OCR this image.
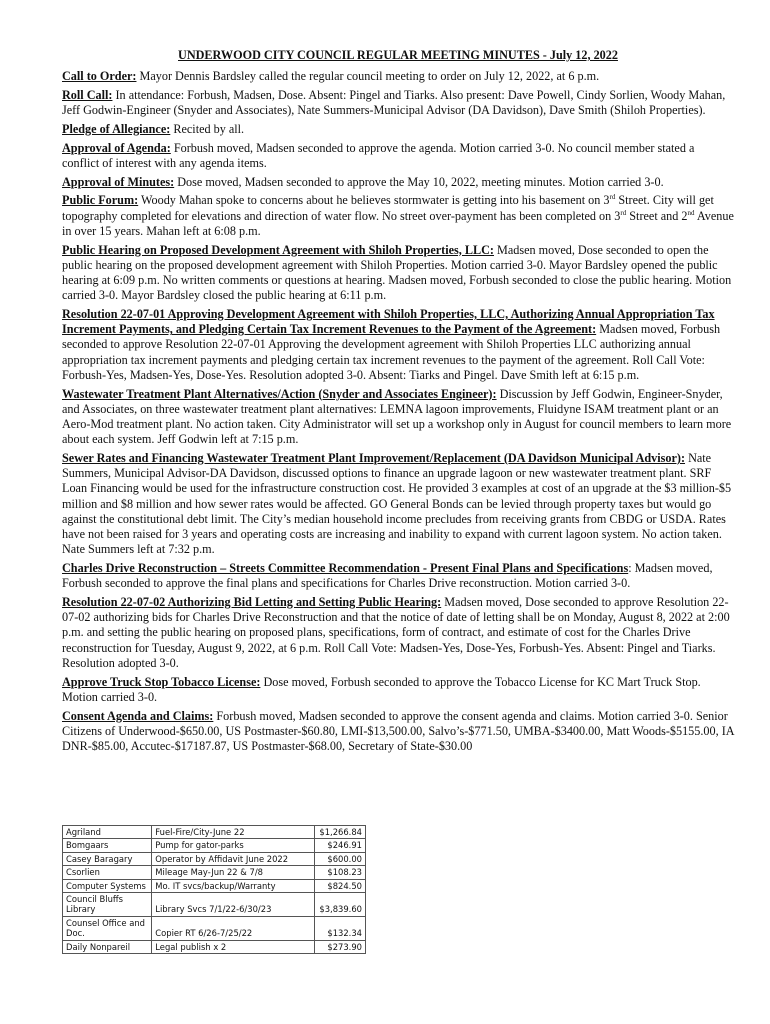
UNDERWOOD CITY COUNCIL REGULAR MEETING MINUTES - July 12, 2022

Call to Order: Mayor Dennis Bardsley called the regular council meeting to order on July 12, 2022, at 6 p.m.

Roll Call: In attendance: Forbush, Madsen, Dose. Absent: Pingel and Tiarks. Also present: Dave Powell, Cindy Sorlien, Woody Mahan, Jeff Godwin-Engineer (Snyder and Associates), Nate Summers-Municipal Advisor (DA Davidson), Dave Smith (Shiloh Properties).

Pledge of Allegiance: Recited by all.

Approval of Agenda: Forbush moved, Madsen seconded to approve the agenda. Motion carried 3-0. No council member stated a conflict of interest with any agenda items.

Approval of Minutes: Dose moved, Madsen seconded to approve the May 10, 2022, meeting minutes. Motion carried 3-0.

Public Forum: Woody Mahan spoke to concerns about he believes stormwater is getting into his basement on 3rd Street. City will get topography completed for elevations and direction of water flow. No street over-payment has been completed on 3rd Street and 2nd Avenue in over 15 years. Mahan left at 6:08 p.m.

Public Hearing on Proposed Development Agreement with Shiloh Properties, LLC: Madsen moved, Dose seconded to open the public hearing on the proposed development agreement with Shiloh Properties. Motion carried 3-0. Mayor Bardsley opened the public hearing at 6:09 p.m. No written comments or questions at hearing. Madsen moved, Forbush seconded to close the public hearing. Motion carried 3-0. Mayor Bardsley closed the public hearing at 6:11 p.m.

Resolution 22-07-01 Approving Development Agreement with Shiloh Properties, LLC, Authorizing Annual Appropriation Tax Increment Payments, and Pledging Certain Tax Increment Revenues to the Payment of the Agreement: Madsen moved, Forbush seconded to approve Resolution 22-07-01 Approving the development agreement with Shiloh Properties LLC authorizing annual appropriation tax increment payments and pledging certain tax increment revenues to the payment of the agreement. Roll Call Vote: Forbush-Yes, Madsen-Yes, Dose-Yes. Resolution adopted 3-0. Absent: Tiarks and Pingel. Dave Smith left at 6:15 p.m.

Wastewater Treatment Plant Alternatives/Action (Snyder and Associates Engineer): Discussion by Jeff Godwin, Engineer-Snyder, and Associates, on three wastewater treatment plant alternatives: LEMNA lagoon improvements, Fluidyne ISAM treatment plant or an Aero-Mod treatment plant. No action taken. City Administrator will set up a workshop only in August for council members to learn more about each system. Jeff Godwin left at 7:15 p.m.

Sewer Rates and Financing Wastewater Treatment Plant Improvement/Replacement (DA Davidson Municipal Advisor): Nate Summers, Municipal Advisor-DA Davidson, discussed options to finance an upgrade lagoon or new wastewater treatment plant. SRF Loan Financing would be used for the infrastructure construction cost. He provided 3 examples at cost of an upgrade at the $3 million-$5 million and $8 million and how sewer rates would be affected. GO General Bonds can be levied through property taxes but would go against the constitutional debt limit. The City’s median household income precludes from receiving grants from CBDG or USDA. Rates have not been raised for 3 years and operating costs are increasing and inability to expand with current lagoon system. No action taken. Nate Summers left at 7:32 p.m.

Charles Drive Reconstruction – Streets Committee Recommendation - Present Final Plans and Specifications: Madsen moved, Forbush seconded to approve the final plans and specifications for Charles Drive reconstruction. Motion carried 3-0.

Resolution 22-07-02 Authorizing Bid Letting and Setting Public Hearing: Madsen moved, Dose seconded to approve Resolution 22-07-02 authorizing bids for Charles Drive Reconstruction and that the notice of date of letting shall be on Monday, August 8, 2022 at 2:00 p.m. and setting the public hearing on proposed plans, specifications, form of contract, and estimate of cost for the Charles Drive reconstruction for Tuesday, August 9, 2022, at 6 p.m. Roll Call Vote: Madsen-Yes, Dose-Yes, Forbush-Yes. Absent: Pingel and Tiarks. Resolution adopted 3-0.

Approve Truck Stop Tobacco License: Dose moved, Forbush seconded to approve the Tobacco License for KC Mart Truck Stop. Motion carried 3-0.

Consent Agenda and Claims: Forbush moved, Madsen seconded to approve the consent agenda and claims. Motion carried 3-0. Senior Citizens of Underwood-$650.00, US Postmaster-$60.80, LMI-$13,500.00, Salvo’s-$771.50, UMBA-$3400.00, Matt Woods-$5155.00, IA DNR-$85.00, Accutec-$17187.87, US Postmaster-$68.00, Secretary of State-$30.00

Agriland	Fuel-Fire/City-June 22	$1,266.84
Bomgaars	Pump for gator-parks	$246.91
Casey Baragary	Operator by Affidavit June 2022	$600.00
Csorlien	Mileage May-Jun 22 & 7/8	$108.23
Computer Systems	Mo. IT svcs/backup/Warranty	$824.50
Council Bluffs Library	Library Svcs 7/1/22-6/30/23	$3,839.60
Counsel Office and Doc.	Copier RT 6/26-7/25/22	$132.34
Daily Nonpareil	Legal publish x 2	$273.90
